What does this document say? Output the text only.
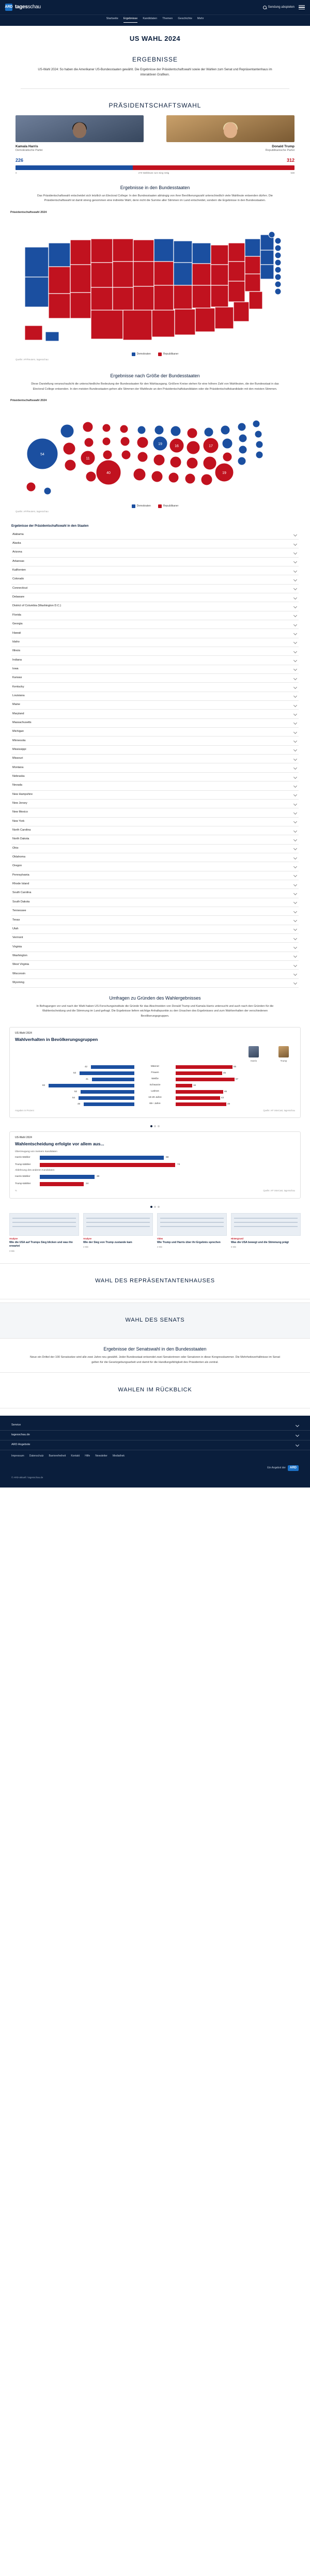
ARD tagesschau	Sendung abspielen
Startseite Ergebnisse Kandidaten Themen Geschichte Mehr
US WAHL 2024
ERGEBNISSE
US-Wahl 2024: So haben die Amerikaner US-Bundesstaaten gewählt. Die Ergebnisse der Präsidentschaftswahl sowie der Wahlen zum Senat und Repräsentantenhaus im interaktiven Grafiken.
PRÄSIDENTSCHAFTSWAHL
Kamala Harris
Demokratische Partei
Donald Trump
Republikanische Partei
226	312
0	270 Wahlleute zum Sieg nötig	538
Ergebnisse in den Bundesstaaten
Das Präsidentschaftswahl entscheidet sich letztlich an Electoral College: In den Bundesstaaten abhängig von ihrer Bevölkerungszahl unterschiedlich viele Wahlleute entsenden dürfen. Die Präsidentschaftswahl ist damit streng genommen eine indirekte Wahl, denn nicht die Summe aller Stimmen im Land entscheidet, sondern die Ergebnisse in den Bundesstaaten.
Präsidentschaftswahl 2024
Demokraten	Republikaner
Quelle: AP/Reuters, tagesschau
Ergebnisse nach Größe der Bundesstaaten
Diese Darstellung veranschaulicht die unterschiedliche Bedeutung der Bundesstaaten für den Wahlausgang. Größere Kreise stehen für eine höhere Zahl von Wahlleuten, die der Bundesstaat in das Electoral College entsenden. In den meisten Bundesstaaten gehen alle Stimmen der Wahlleute an den Präsidentschaftskandidaten oder die Präsidentschaftskandidatin mit den meisten Stimmen.
Präsidentschaftswahl 2024
54
40	19
19
17
16
11
Demokraten	Republikaner
Quelle: AP/Reuters, tagesschau
Ergebnisse der Präsidentschaftswahl in den Staaten
Alabama
Alaska
Arizona
Arkansas
Kalifornien
Colorado
Connecticut
Delaware
District of Columbia (Washington D.C.)
Florida
Georgia
Hawaii
Idaho
Illinois
Indiana
Iowa
Kansas
Kentucky
Louisiana
Maine
Maryland
Massachusetts
Michigan
Minnesota
Mississippi
Missouri
Montana
Nebraska
Nevada
New Hampshire
New Jersey
New Mexico
New York
North Carolina
North Dakota
Ohio
Oklahoma
Oregon
Pennsylvania
Rhode Island
South Carolina
South Dakota
Tennessee
Texas
Utah
Vermont
Virginia
Washington
West Virginia
Wisconsin
Wyoming
Umfragen zu Gründen des Wahlergebnisses
In Befragungen vor und nach der Wahl haben US-Forschungsinstitute die Gründe für das Abschneiden von Donald Trump und Kamala Harris untersucht und auch nach den Gründen für die Wahlentscheidung und die Stimmung im Land gefragt. Die Ergebnisse liefern wichtige Anhaltspunkte zu den Ursachen des Ergebnisses und zum Wahlverhalten der verschiedenen Bevölkerungsgruppen.
US-Wahl 2024
Wahlverhalten in Bevölkerungsgruppen
Harris	Trump
42	Männer	55
53	Frauen	45
41	Weiße	57
83	Schwarze	16
52	Latinos	46
54	18-29 Jahre	43
49	65+ Jahre	49
Angaben in Prozent	Quelle: AP VoteCast, tagesschau
US-Wahl 2024
Wahlentscheidung erfolgte vor allem aus...
Überzeugung von meinem Kandidaten
Harris-Wähler	68
Trump-Wähler	74
Ablehnung des anderen Kandidaten
Harris-Wähler	30
Trump-Wähler	24
%	Quelle: AP VoteCast, tagesschau
Analyse
Wie die USA auf Trumps Sieg blicken und was ihn erwartet
3 Min
Analyse
Wie der Sieg von Trump zustande kam
4 Min
Video
Wie Trump und Harris über ihr Ergebnis sprechen
2 Min
Hintergrund
Was die USA bewegt und die Stimmung prägt
5 Min
WAHL DES REPRÄSENTANTENHAUSES
WAHL DES SENATS
Ergebnisse der Senatswahl in den Bundesstaaten
Neue ein Drittel der 100 Senatssitze wird alle zwei Jahre neu gewählt. Jeder Bundesstaat entsendet zwei Senatorinnen oder Senatoren in diese Kongresskammer. Die Mehrheitsverhältnisse im Senat gelten für die Gesetzgebungsarbeit und damit für die Handlungsfähigkeit des Präsidenten als zentral.
WAHLEN IM RÜCKBLICK
Service
tagesschau.de
ARD Angebote
Impressum Datenschutz Barrierefreiheit Kontakt Hilfe Newsletter Mediathek
Ein Angebot der	ARD
© ARD-aktuell / tagesschau.de
